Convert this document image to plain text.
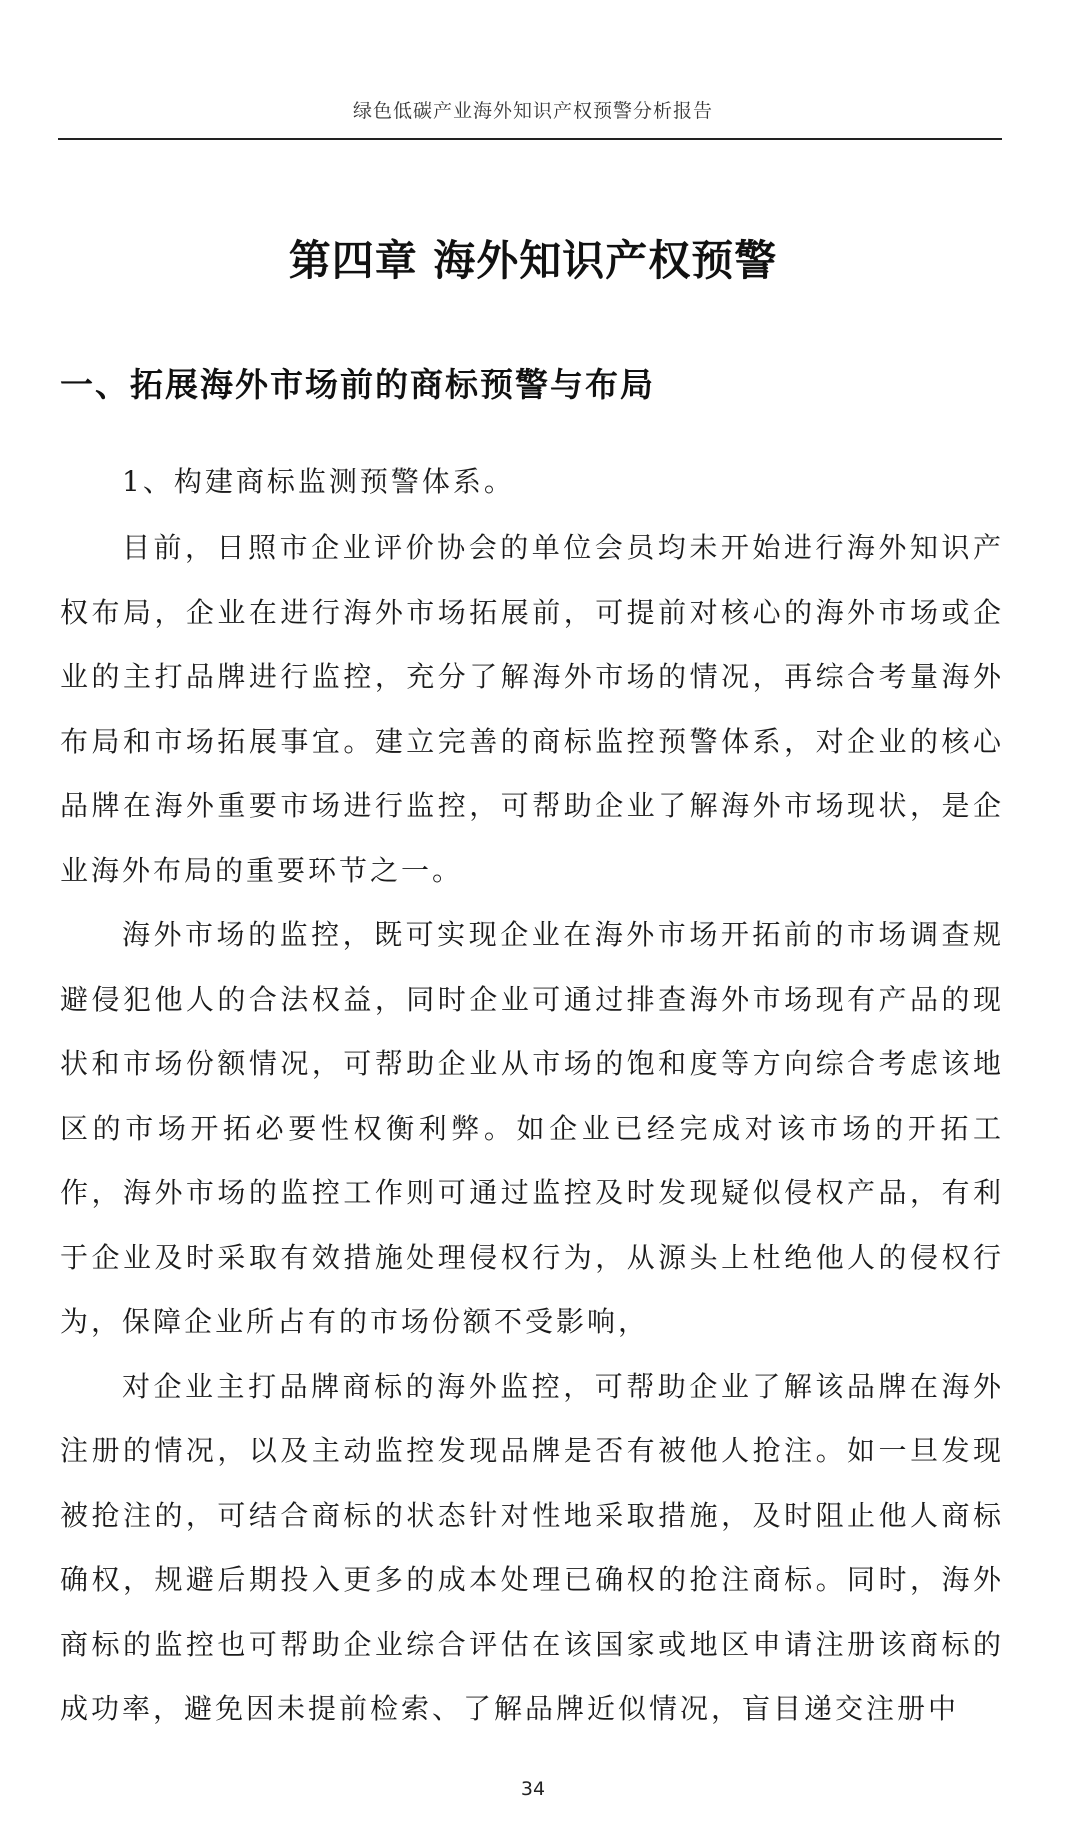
绿色低碳产业海外知识产权预警分析报告
第四章 海外知识产权预警
一、拓展海外市场前的商标预警与布局
1、构建商标监测预警体系。

目前，日照市企业评价协会的单位会员均未开始进行海外知识产权布局，企业在进行海外市场拓展前，可提前对核心的海外市场或企业的主打品牌进行监控，充分了解海外市场的情况，再综合考量海外布局和市场拓展事宜。建立完善的商标监控预警体系，对企业的核心品牌在海外重要市场进行监控，可帮助企业了解海外市场现状，是企业海外布局的重要环节之一。

海外市场的监控，既可实现企业在海外市场开拓前的市场调查规避侵犯他人的合法权益，同时企业可通过排查海外市场现有产品的现状和市场份额情况，可帮助企业从市场的饱和度等方向综合考虑该地区的市场开拓必要性权衡利弊。如企业已经完成对该市场的开拓工作，海外市场的监控工作则可通过监控及时发现疑似侵权产品，有利于企业及时采取有效措施处理侵权行为，从源头上杜绝他人的侵权行为，保障企业所占有的市场份额不受影响，

对企业主打品牌商标的海外监控，可帮助企业了解该品牌在海外注册的情况，以及主动监控发现品牌是否有被他人抢注。如一旦发现被抢注的，可结合商标的状态针对性地采取措施，及时阻止他人商标确权，规避后期投入更多的成本处理已确权的抢注商标。同时，海外商标的监控也可帮助企业综合评估在该国家或地区申请注册该商标的成功率，避免因未提前检索、了解品牌近似情况，盲目递交注册中

34
